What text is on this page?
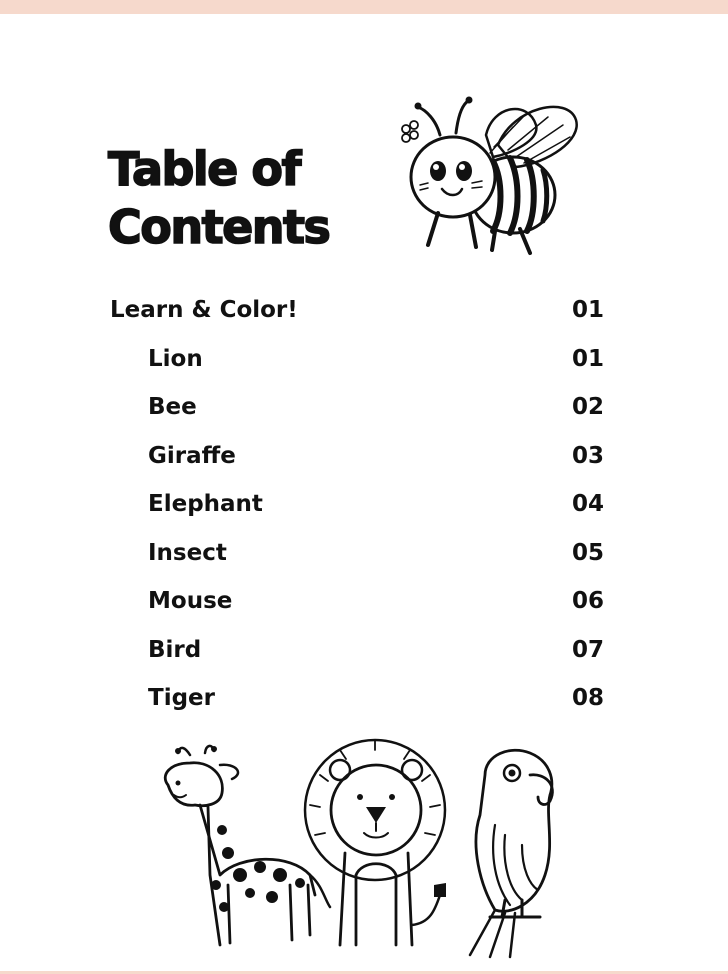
Table of
Contents
Learn & Color!	01
Lion	01
Bee	02
Giraffe	03
Elephant	04
Insect	05
Mouse	06
Bird	07
Tiger	08
